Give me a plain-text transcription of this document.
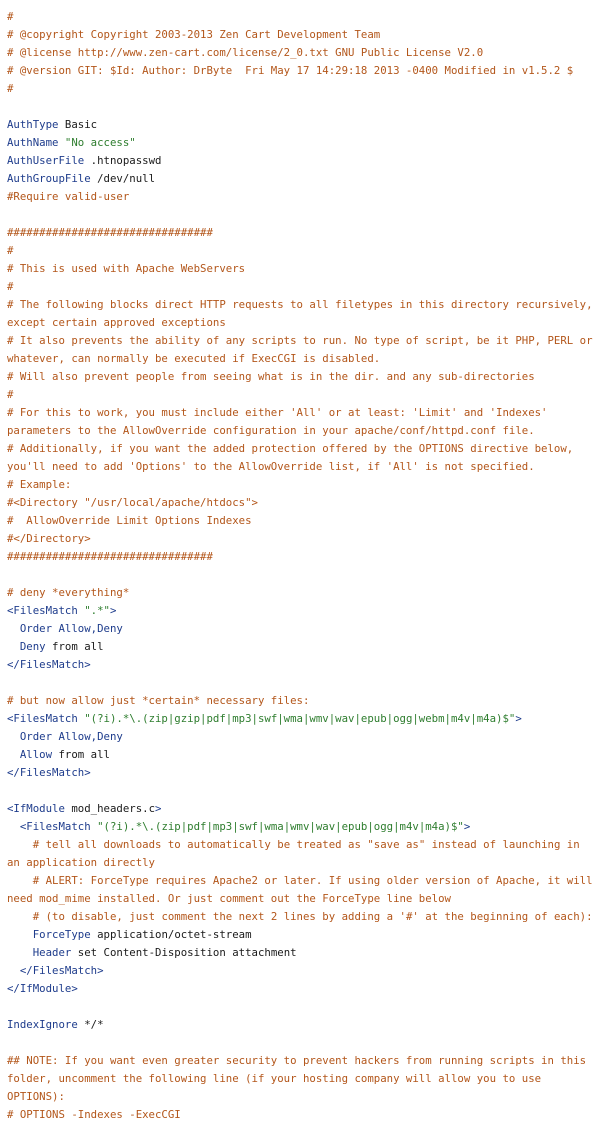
#
# @copyright Copyright 2003-2013 Zen Cart Development Team
# @license http://www.zen-cart.com/license/2_0.txt GNU Public License V2.0
# @version GIT: $Id: Author: DrByte  Fri May 17 14:29:18 2013 -0400 Modified in v1.5.2 $
#
AuthType Basic
AuthName "No access"
AuthUserFile .htnopasswd
AuthGroupFile /dev/null
#Require valid-user
################################
#
# This is used with Apache WebServers
#
# The following blocks direct HTTP requests to all filetypes in this directory recursively, except certain approved exceptions
# It also prevents the ability of any scripts to run. No type of script, be it PHP, PERL or whatever, can normally be executed if ExecCGI is disabled.
# Will also prevent people from seeing what is in the dir. and any sub-directories
#
# For this to work, you must include either 'All' or at least: 'Limit' and 'Indexes' parameters to the AllowOverride configuration in your apache/conf/httpd.conf file.
# Additionally, if you want the added protection offered by the OPTIONS directive below, you'll need to add 'Options' to the AllowOverride list, if 'All' is not specified.
# Example:
#<Directory "/usr/local/apache/htdocs">
#  AllowOverride Limit Options Indexes
#</Directory>
################################
# deny *everything*
<FilesMatch ".*">
Order Allow,Deny
Deny from all
</FilesMatch>
# but now allow just *certain* necessary files:
<FilesMatch "(?i).*\.(zip|gzip|pdf|mp3|swf|wma|wmv|wav|epub|ogg|webm|m4v|m4a)$">
Order Allow,Deny
Allow from all
</FilesMatch>
<IfModule mod_headers.c>
<FilesMatch "(?i).*\.(zip|pdf|mp3|swf|wma|wmv|wav|epub|ogg|m4v|m4a)$">
# tell all downloads to automatically be treated as "save as" instead of launching in an application directly
# ALERT: ForceType requires Apache2 or later. If using older version of Apache, it will need mod_mime installed. Or just comment out the ForceType line below
# (to disable, just comment the next 2 lines by adding a '#' at the beginning of each):
ForceType application/octet-stream
Header set Content-Disposition attachment
</FilesMatch>
</IfModule>
IndexIgnore */*
## NOTE: If you want even greater security to prevent hackers from running scripts in this folder, uncomment the following line (if your hosting company will allow you to use OPTIONS):
# OPTIONS -Indexes -ExecCGI
